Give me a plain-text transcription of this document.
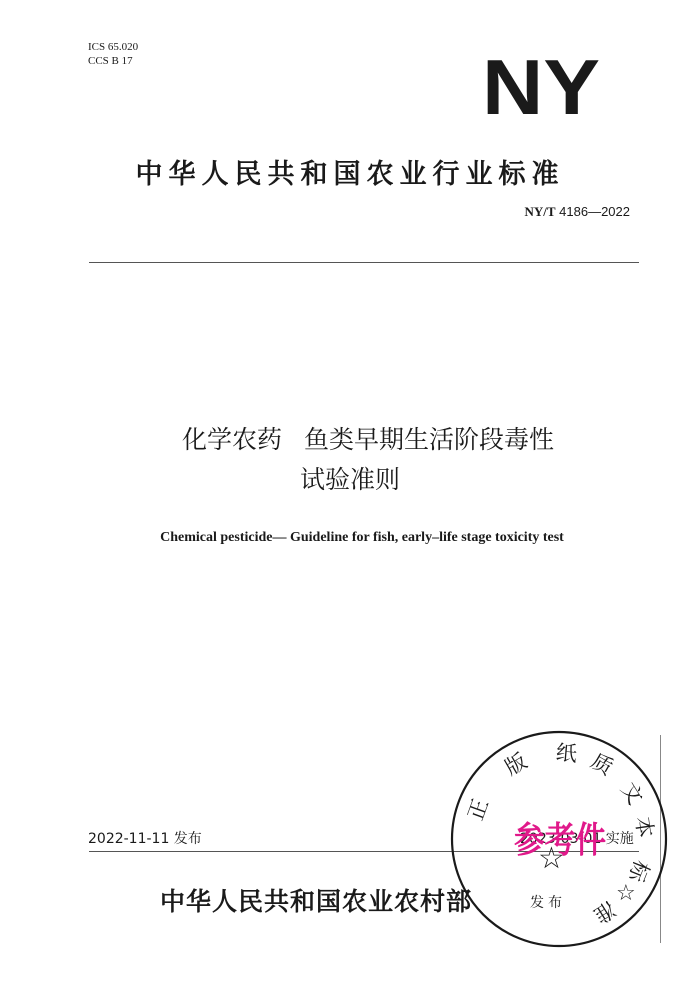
ICS 65.020
CCS B 17	NY
中华人民共和国农业行业标准
NY/T 4186—2022
化学农药 鱼类早期生活阶段毒性
试验准则
Chemical pesticide— Guideline for fish, early–life stage toxicity test
2022-11-11 发布	2023-03-01 实施
中华人民共和国农业农村部	发布
正
版 纸 质
文
本
标
准
☆
☆
参考件
